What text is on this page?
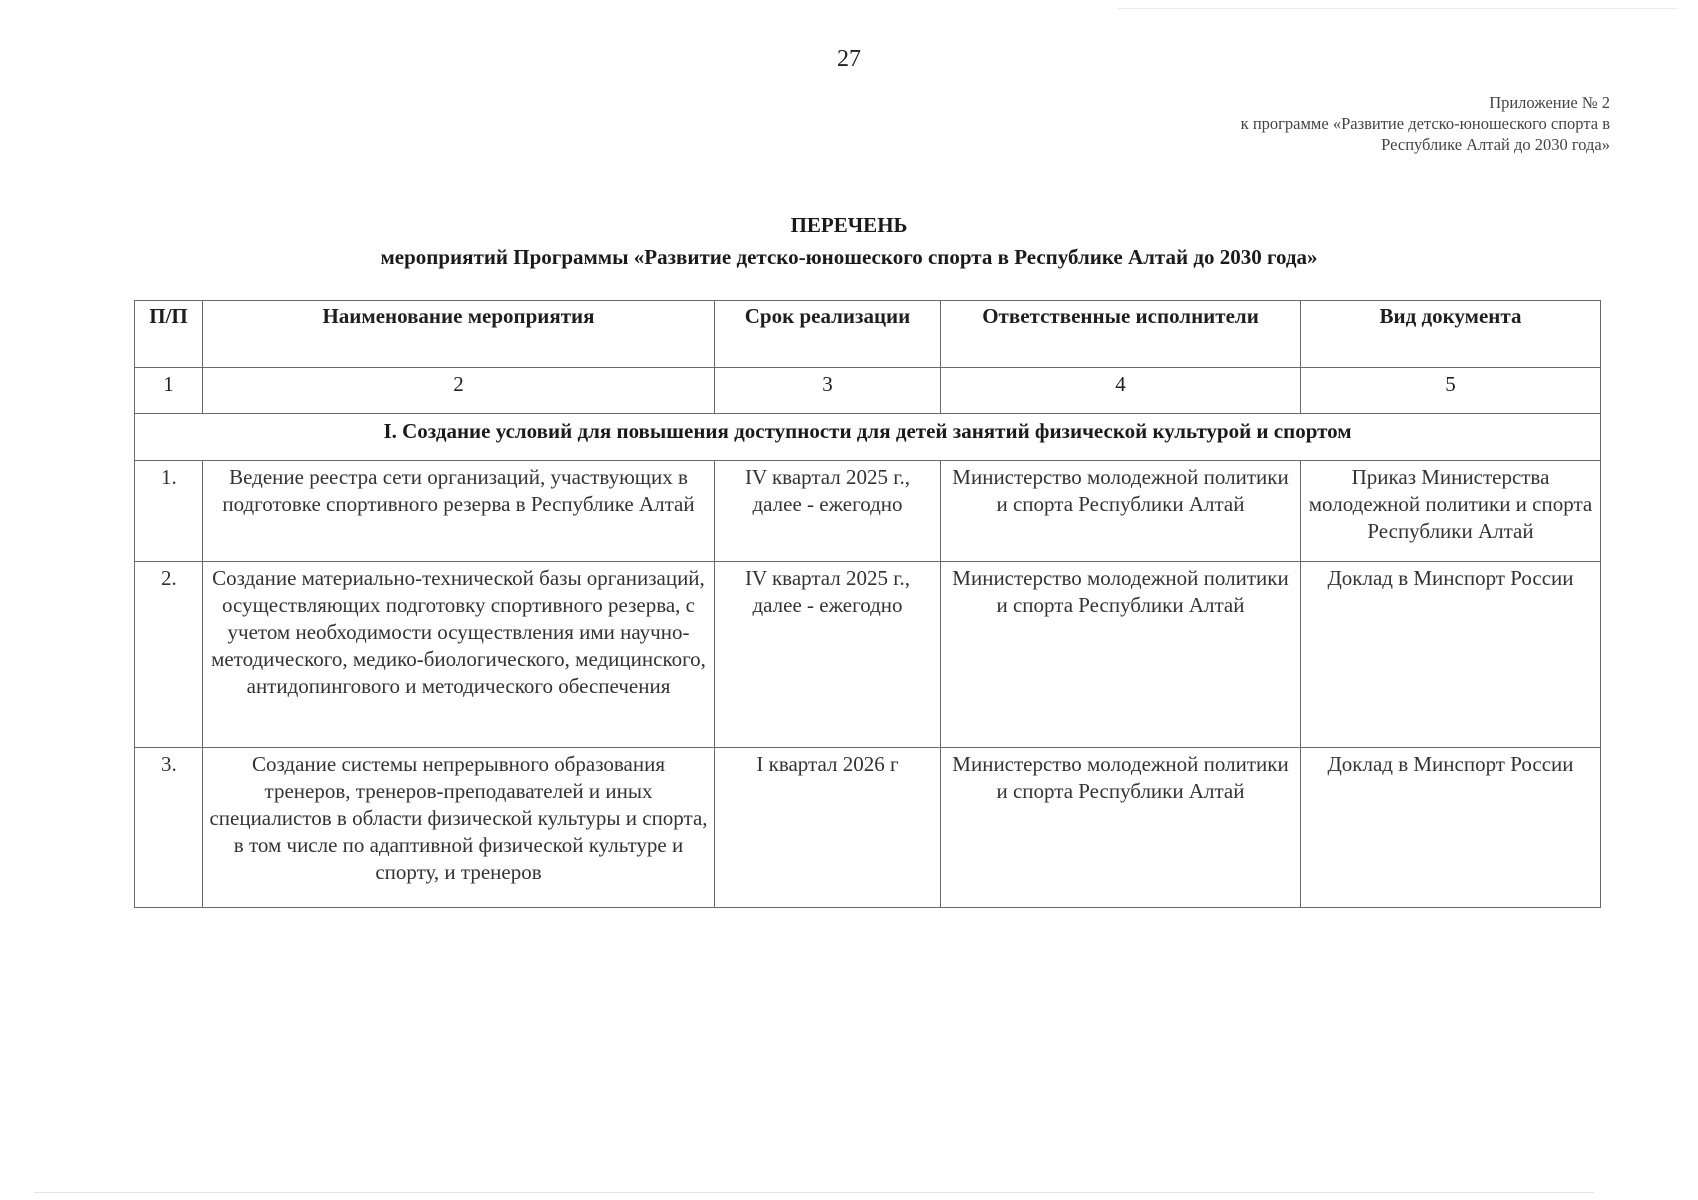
27
Приложение № 2
к программе «Развитие детско-юношеского спорта в
Республике Алтай до 2030 года»
ПЕРЕЧЕНЬ
мероприятий Программы «Развитие детско-юношеского спорта в Республике Алтай до 2030 года»
П/П	Наименование мероприятия	Срок реализации	Ответственные исполнители	Вид документа
1	2	3	4	5
I. Создание условий для повышения доступности для детей занятий физической культурой и спортом				
1.	Ведение реестра сети организаций, участвующих в подготовке спортивного резерва в Республике Алтай	IV квартал 2025 г., далее - ежегодно	Министерство молодежной политики и спорта Республики Алтай	Приказ Министерства молодежной политики и спорта Республики Алтай
2.	Создание материально-технической базы организаций, осуществляющих подготовку спортивного резерва, с учетом необходимости осуществления ими научно-методического, медико-биологического, медицинского, антидопингового и методического обеспечения	IV квартал 2025 г., далее - ежегодно	Министерство молодежной политики и спорта Республики Алтай	Доклад в Минспорт России
3.	Создание системы непрерывного образования тренеров, тренеров-преподавателей и иных специалистов в области физической культуры и спорта, в том числе по адаптивной физической культуре и спорту, и тренеров	I квартал 2026 г	Министерство молодежной политики и спорта Республики Алтай	Доклад в Минспорт России
